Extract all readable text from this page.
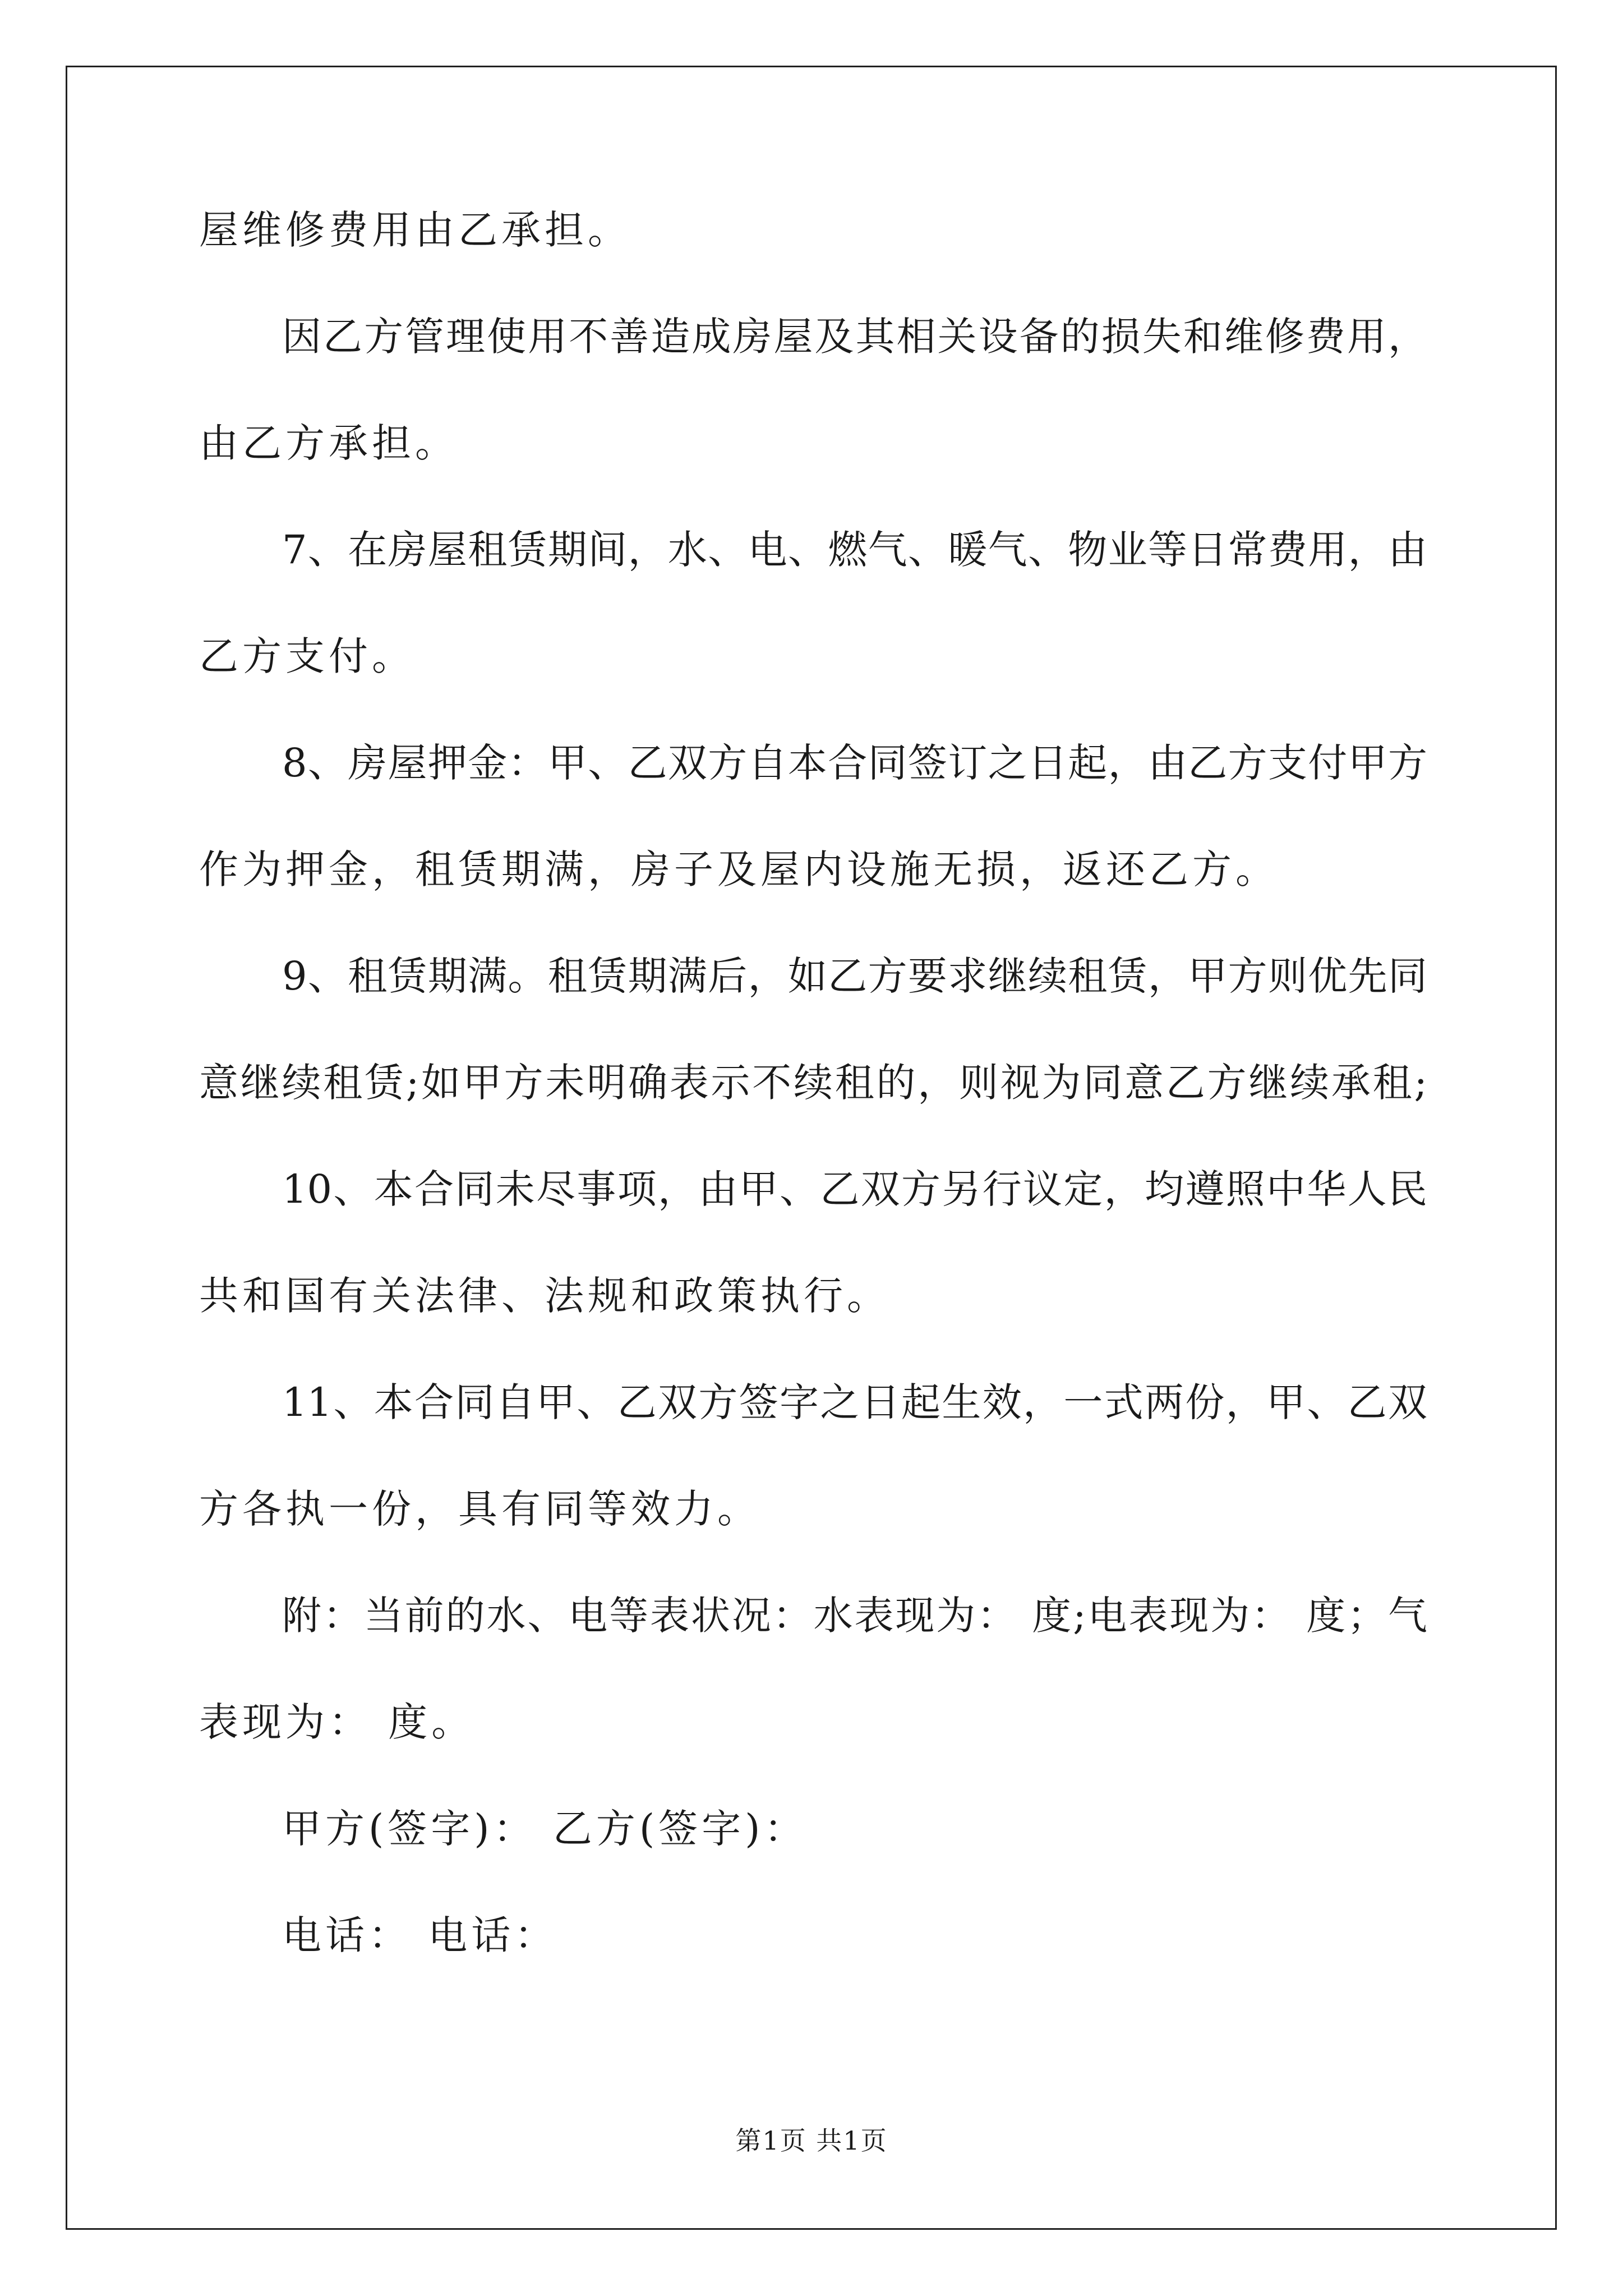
屋维修费用由乙承担。
因乙方管理使用不善造成房屋及其相关设备的损失和维修费用，
由乙方承担。
7、在房屋租赁期间，水、电、燃气、暖气、物业等日常费用，由
乙方支付。
8、房屋押金：甲、乙双方自本合同签订之日起，由乙方支付甲方
作为押金，租赁期满，房子及屋内设施无损，返还乙方。
9、租赁期满。租赁期满后，如乙方要求继续租赁，甲方则优先同
意继续租赁;如甲方未明确表示不续租的，则视为同意乙方继续承租;
10、本合同未尽事项，由甲、乙双方另行议定，均遵照中华人民
共和国有关法律、法规和政策执行。
11、本合同自甲、乙双方签字之日起生效，一式两份，甲、乙双
方各执一份，具有同等效力。
附：当前的水、电等表状况：水表现为： 度;电表现为： 度；气
表现为： 度。
甲方(签字)： 乙方(签字)：
电话： 电话：
第1页 共1页
